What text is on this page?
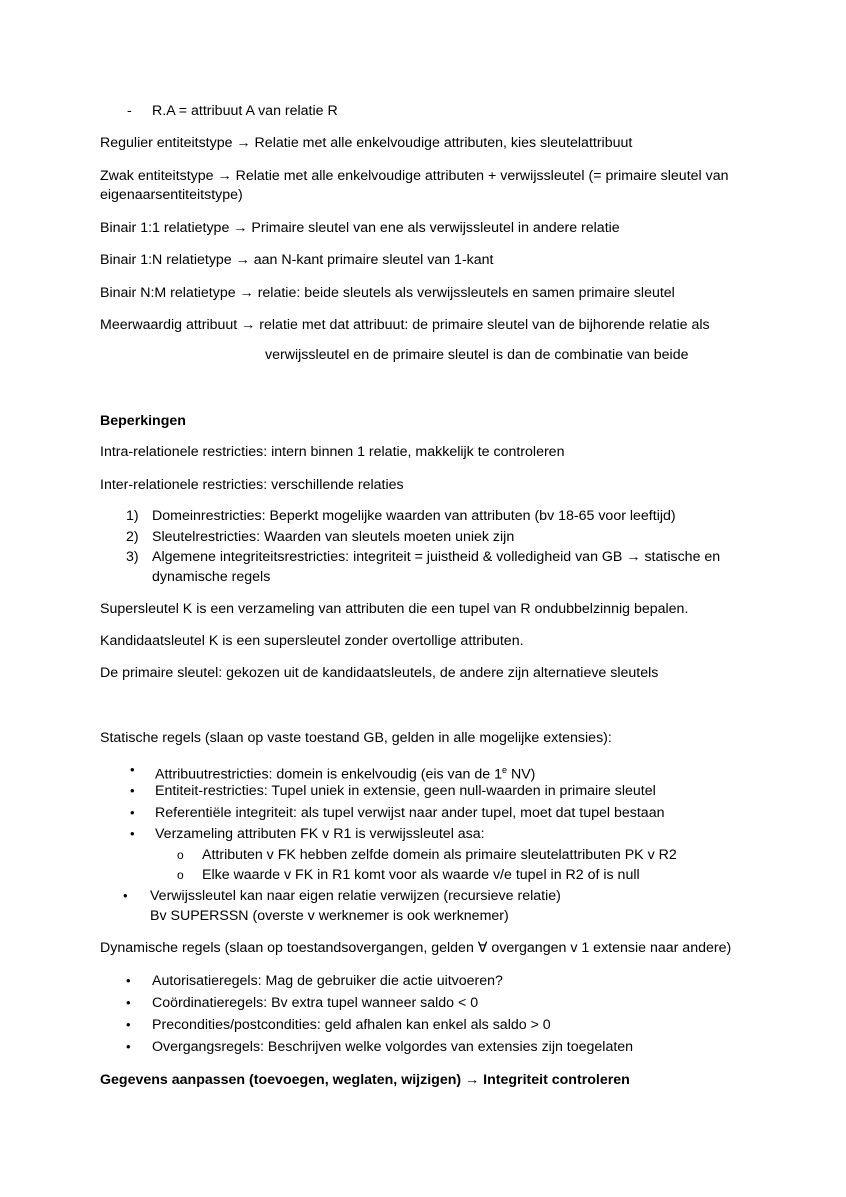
- R.A = attribuut A van relatie R
Regulier entiteitstype → Relatie met alle enkelvoudige attributen, kies sleutelattribuut
Zwak entiteitstype → Relatie met alle enkelvoudige attributen + verwijssleutel (= primaire sleutel van
eigenaarsentiteitstype)
Binair 1:1 relatietype → Primaire sleutel van ene als verwijssleutel in andere relatie
Binair 1:N relatietype → aan N-kant primaire sleutel van 1-kant
Binair N:M relatietype → relatie: beide sleutels als verwijssleutels en samen primaire sleutel
Meerwaardig attribuut → relatie met dat attribuut: de primaire sleutel van de bijhorende relatie als
verwijssleutel en de primaire sleutel is dan de combinatie van beide
Beperkingen
Intra-relationele restricties: intern binnen 1 relatie, makkelijk te controleren
Inter-relationele restricties: verschillende relaties
1) Domeinrestricties: Beperkt mogelijke waarden van attributen (bv 18-65 voor leeftijd)
2) Sleutelrestricties: Waarden van sleutels moeten uniek zijn
3) Algemene integriteitsrestricties: integriteit = juistheid & volledigheid van GB → statische en
dynamische regels
Supersleutel K is een verzameling van attributen die een tupel van R ondubbelzinnig bepalen.
Kandidaatsleutel K is een supersleutel zonder overtollige attributen.
De primaire sleutel: gekozen uit de kandidaatsleutels, de andere zijn alternatieve sleutels
Statische regels (slaan op vaste toestand GB, gelden in alle mogelijke extensies):
• Attribuutrestricties: domein is enkelvoudig (eis van de 1e NV)
• Entiteit-restricties: Tupel uniek in extensie, geen null-waarden in primaire sleutel
• Referentiële integriteit: als tupel verwijst naar ander tupel, moet dat tupel bestaan
• Verzameling attributen FK v R1 is verwijssleutel asa:
o Attributen v FK hebben zelfde domein als primaire sleutelattributen PK v R2
o Elke waarde v FK in R1 komt voor als waarde v/e tupel in R2 of is null
• Verwijssleutel kan naar eigen relatie verwijzen (recursieve relatie)
Bv SUPERSSN (overste v werknemer is ook werknemer)
Dynamische regels (slaan op toestandsovergangen, gelden ∀ overgangen v 1 extensie naar andere)
• Autorisatieregels: Mag de gebruiker die actie uitvoeren?
• Coördinatieregels: Bv extra tupel wanneer saldo < 0
• Precondities/postcondities: geld afhalen kan enkel als saldo > 0
• Overgangsregels: Beschrijven welke volgordes van extensies zijn toegelaten
Gegevens aanpassen (toevoegen, weglaten, wijzigen) → Integriteit controleren
